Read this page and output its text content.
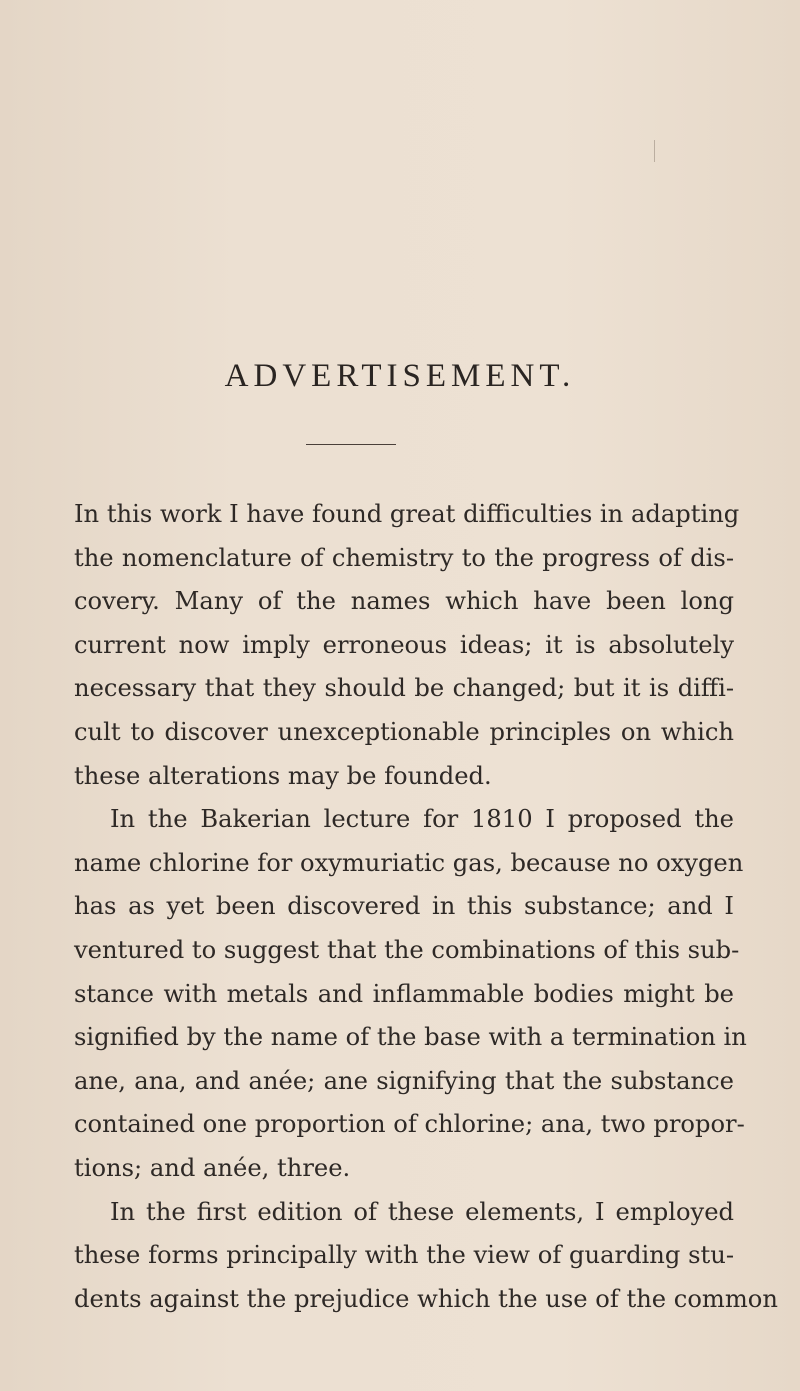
ADVERTISEMENT.
In this work I have found great difficulties in adapting
the nomenclature of chemistry to the progress of dis-
covery. Many of the names which have been long
current now imply erroneous ideas; it is absolutely
necessary that they should be changed; but it is diffi-
cult to discover unexceptionable principles on which
these alterations may be founded.
In the Bakerian lecture for 1810 I proposed the
name chlorine for oxymuriatic gas, because no oxygen
has as yet been discovered in this substance; and I
ventured to suggest that the combinations of this sub-
stance with metals and inflammable bodies might be
signified by the name of the base with a termination in
ane, ana, and anée; ane signifying that the substance
contained one proportion of chlorine; ana, two propor-
tions; and anée, three.
In the first edition of these elements, I employed
these forms principally with the view of guarding stu-
dents against the prejudice which the use of the common
